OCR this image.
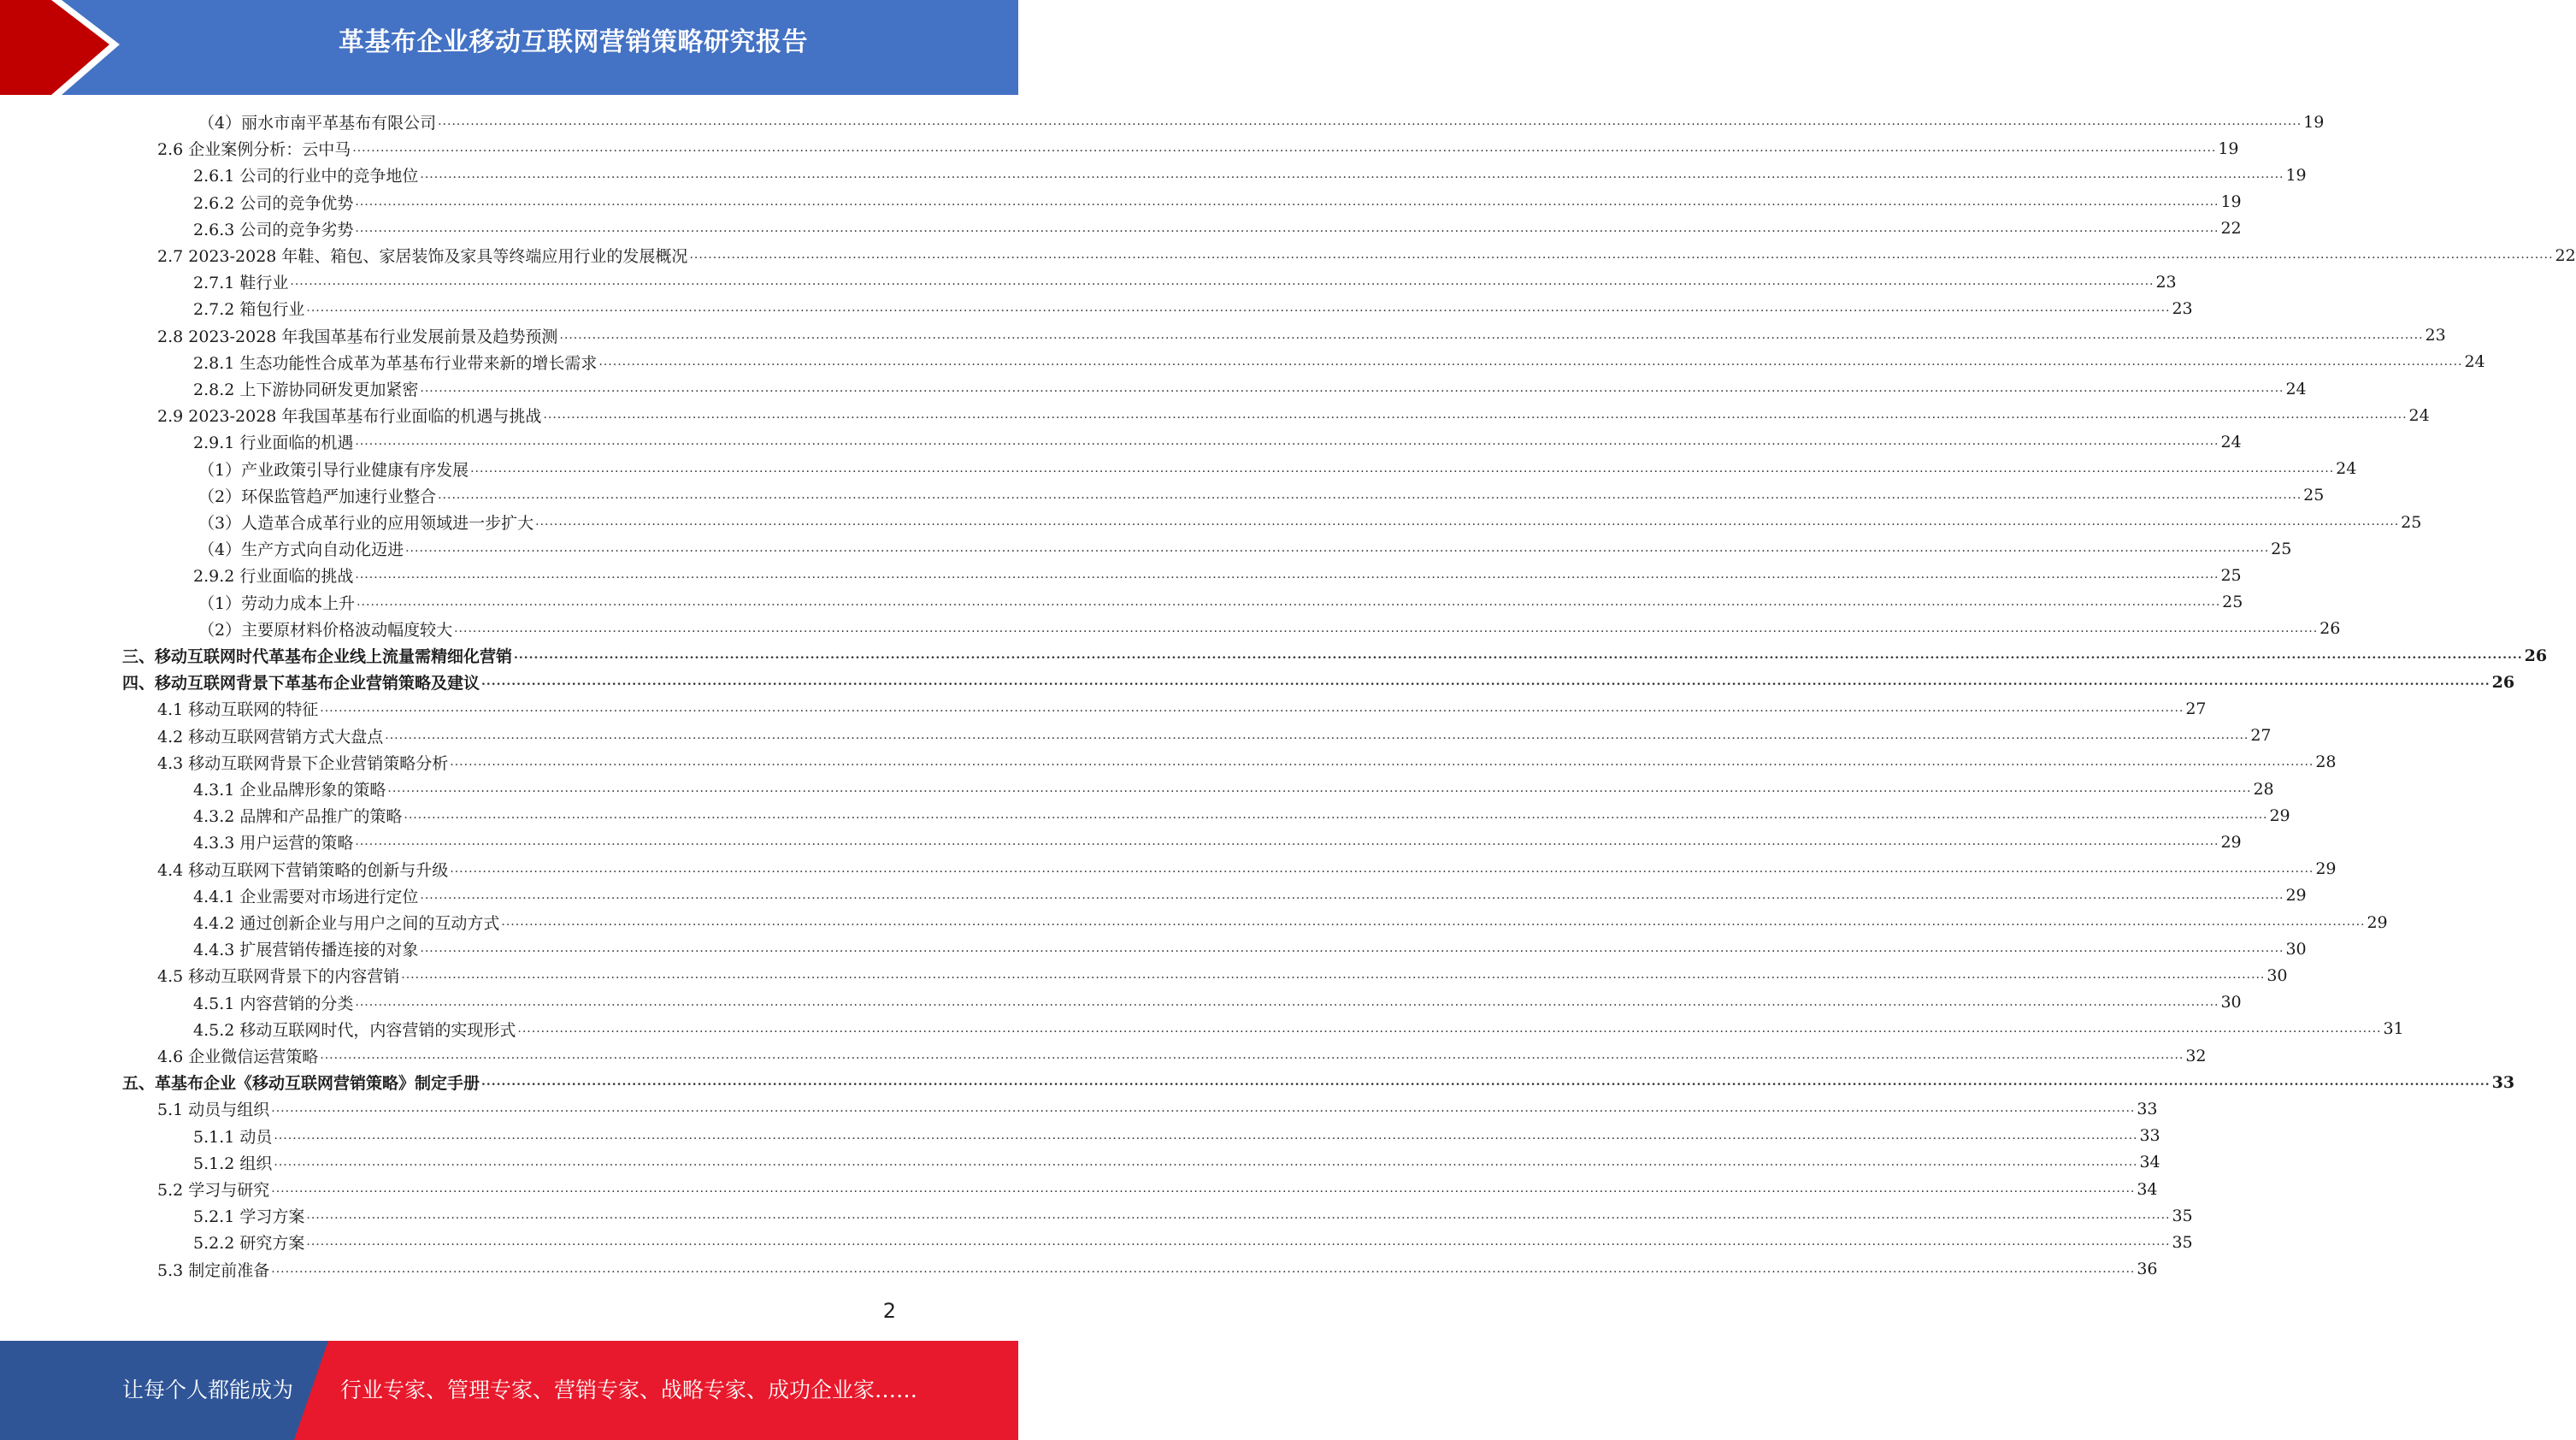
革基布企业移动互联网营销策略研究报告
（4）丽水市南平革基布有限公司 ................................................................................................................................................................................................................................................................................................................................................................................................................ 19
2.6 企业案例分析：云中马 ................................................................................................................................................................................................................................................................................................................................................................................................................ 19
2.6.1 公司的行业中的竞争地位 ................................................................................................................................................................................................................................................................................................................................................................................................................ 19
2.6.2 公司的竞争优势 ................................................................................................................................................................................................................................................................................................................................................................................................................ 19
2.6.3 公司的竞争劣势 ................................................................................................................................................................................................................................................................................................................................................................................................................ 22
2.7 2023-2028 年鞋、箱包、家居装饰及家具等终端应用行业的发展概况 ................................................................................................................................................................................................................................................................................................................................................................................................................ 22
2.7.1 鞋行业 ................................................................................................................................................................................................................................................................................................................................................................................................................ 23
2.7.2 箱包行业 ................................................................................................................................................................................................................................................................................................................................................................................................................ 23
2.8 2023-2028 年我国革基布行业发展前景及趋势预测 ................................................................................................................................................................................................................................................................................................................................................................................................................ 23
2.8.1 生态功能性合成革为革基布行业带来新的增长需求 ................................................................................................................................................................................................................................................................................................................................................................................................................ 24
2.8.2 上下游协同研发更加紧密 ................................................................................................................................................................................................................................................................................................................................................................................................................ 24
2.9 2023-2028 年我国革基布行业面临的机遇与挑战 ................................................................................................................................................................................................................................................................................................................................................................................................................ 24
2.9.1 行业面临的机遇 ................................................................................................................................................................................................................................................................................................................................................................................................................ 24
（1）产业政策引导行业健康有序发展 ................................................................................................................................................................................................................................................................................................................................................................................................................ 24
（2）环保监管趋严加速行业整合 ................................................................................................................................................................................................................................................................................................................................................................................................................ 25
（3）人造革合成革行业的应用领域进一步扩大 ................................................................................................................................................................................................................................................................................................................................................................................................................ 25
（4）生产方式向自动化迈进 ................................................................................................................................................................................................................................................................................................................................................................................................................ 25
2.9.2 行业面临的挑战 ................................................................................................................................................................................................................................................................................................................................................................................................................ 25
（1）劳动力成本上升 ................................................................................................................................................................................................................................................................................................................................................................................................................ 25
（2）主要原材料价格波动幅度较大 ................................................................................................................................................................................................................................................................................................................................................................................................................ 26
三、移动互联网时代革基布企业线上流量需精细化营销 ................................................................................................................................................................................................................................................................................................................................................................................................................ 26
四、移动互联网背景下革基布企业营销策略及建议 ................................................................................................................................................................................................................................................................................................................................................................................................................ 26
4.1 移动互联网的特征 ................................................................................................................................................................................................................................................................................................................................................................................................................ 27
4.2 移动互联网营销方式大盘点 ................................................................................................................................................................................................................................................................................................................................................................................................................ 27
4.3 移动互联网背景下企业营销策略分析 ................................................................................................................................................................................................................................................................................................................................................................................................................ 28
4.3.1 企业品牌形象的策略 ................................................................................................................................................................................................................................................................................................................................................................................................................ 28
4.3.2 品牌和产品推广的策略 ................................................................................................................................................................................................................................................................................................................................................................................................................ 29
4.3.3 用户运营的策略 ................................................................................................................................................................................................................................................................................................................................................................................................................ 29
4.4 移动互联网下营销策略的创新与升级 ................................................................................................................................................................................................................................................................................................................................................................................................................ 29
4.4.1 企业需要对市场进行定位 ................................................................................................................................................................................................................................................................................................................................................................................................................ 29
4.4.2 通过创新企业与用户之间的互动方式 ................................................................................................................................................................................................................................................................................................................................................................................................................ 29
4.4.3 扩展营销传播连接的对象 ................................................................................................................................................................................................................................................................................................................................................................................................................ 30
4.5 移动互联网背景下的内容营销 ................................................................................................................................................................................................................................................................................................................................................................................................................ 30
4.5.1 内容营销的分类 ................................................................................................................................................................................................................................................................................................................................................................................................................ 30
4.5.2 移动互联网时代，内容营销的实现形式 ................................................................................................................................................................................................................................................................................................................................................................................................................ 31
4.6 企业微信运营策略 ................................................................................................................................................................................................................................................................................................................................................................................................................ 32
五、革基布企业《移动互联网营销策略》制定手册 ................................................................................................................................................................................................................................................................................................................................................................................................................ 33
5.1 动员与组织 ................................................................................................................................................................................................................................................................................................................................................................................................................ 33
5.1.1 动员 ................................................................................................................................................................................................................................................................................................................................................................................................................ 33
5.1.2 组织 ................................................................................................................................................................................................................................................................................................................................................................................................................ 34
5.2 学习与研究 ................................................................................................................................................................................................................................................................................................................................................................................................................ 34
5.2.1 学习方案 ................................................................................................................................................................................................................................................................................................................................................................................................................ 35
5.2.2 研究方案 ................................................................................................................................................................................................................................................................................................................................................................................................................ 35
5.3 制定前准备 ................................................................................................................................................................................................................................................................................................................................................................................................................ 36
2
让每个人都能成为 行业专家、管理专家、营销专家、战略专家、成功企业家……
